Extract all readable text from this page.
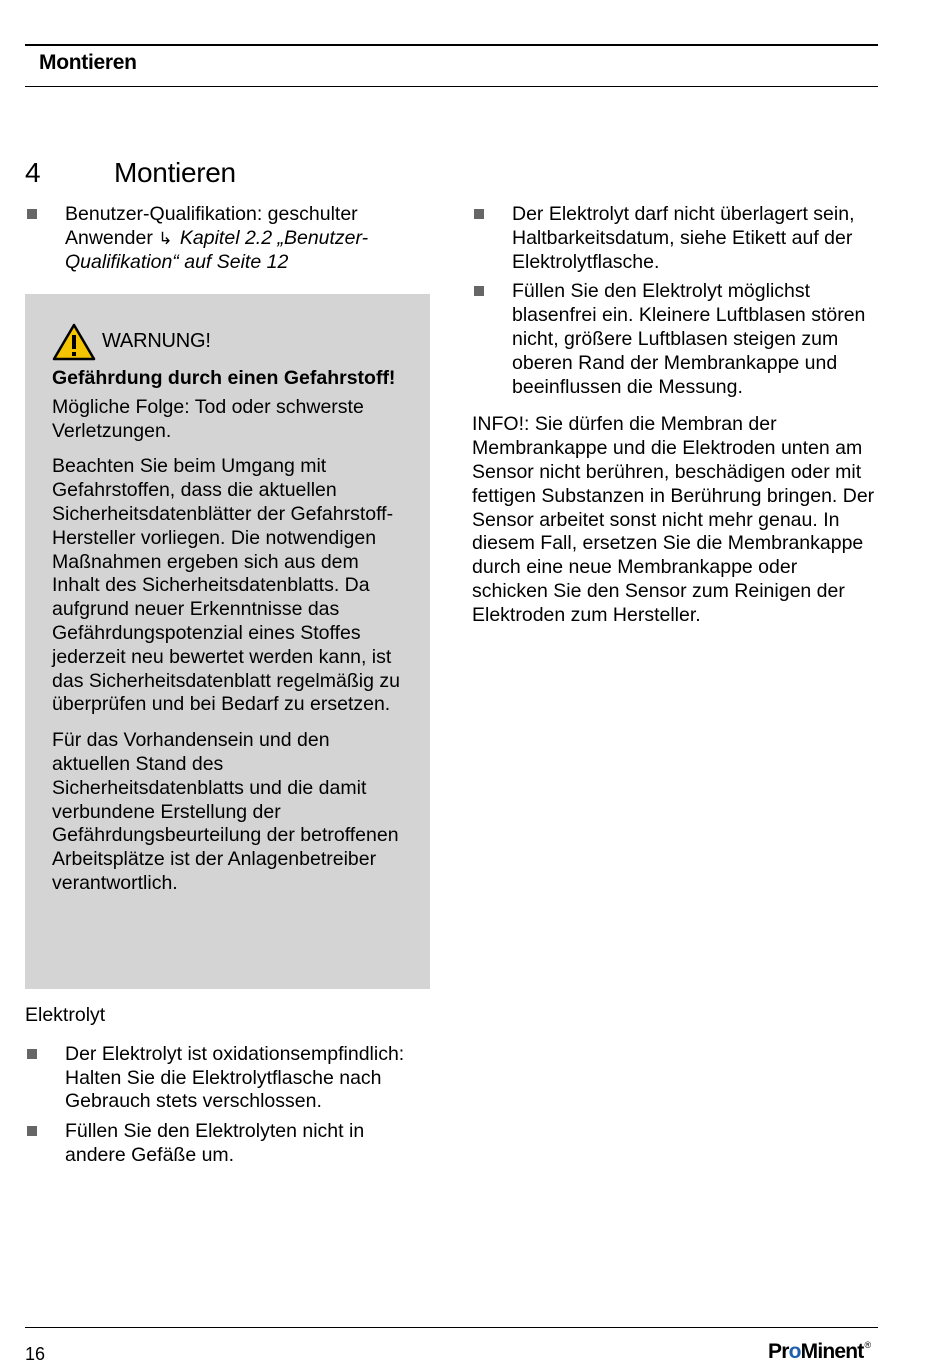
Montieren
4	Montieren
Benutzer-Qualifikation: geschulter Anwender ↳ Kapitel 2.2 „Benutzer-Qualifikation“ auf Seite 12
WARNUNG!
Gefährdung durch einen Gefahrstoff!
Mögliche Folge: Tod oder schwerste Verletzungen.
Beachten Sie beim Umgang mit Gefahrstoffen, dass die aktuellen Sicherheitsdatenblätter der Gefahrstoff-Hersteller vorliegen. Die notwendigen Maßnahmen ergeben sich aus dem Inhalt des Sicherheitsdatenblatts. Da aufgrund neuer Erkenntnisse das Gefährdungspotenzial eines Stoffes jederzeit neu bewertet werden kann, ist das Sicherheitsdatenblatt regelmäßig zu überprüfen und bei Bedarf zu ersetzen.
Für das Vorhandensein und den aktuellen Stand des Sicherheitsdatenblatts und die damit verbundene Erstellung der Gefährdungsbeurteilung der betroffenen Arbeitsplätze ist der Anlagenbetreiber verantwortlich.
Elektrolyt
Der Elektrolyt ist oxidationsempfindlich: Halten Sie die Elektrolytflasche nach Gebrauch stets verschlossen.
Füllen Sie den Elektrolyten nicht in andere Gefäße um.
Der Elektrolyt darf nicht überlagert sein, Haltbarkeitsdatum, siehe Etikett auf der Elektrolytflasche.
Füllen Sie den Elektrolyt möglichst blasenfrei ein. Kleinere Luftblasen stören nicht, größere Luftblasen steigen zum oberen Rand der Membrankappe und beeinflussen die Messung.
INFO!: Sie dürfen die Membran der Membrankappe und die Elektroden unten am Sensor nicht berühren, beschädigen oder mit fettigen Substanzen in Berührung bringen. Der Sensor arbeitet sonst nicht mehr genau. In diesem Fall, ersetzen Sie die Membrankappe durch eine neue Membrankappe oder schicken Sie den Sensor zum Reinigen der Elektroden zum Hersteller.
16	ProMinent®
